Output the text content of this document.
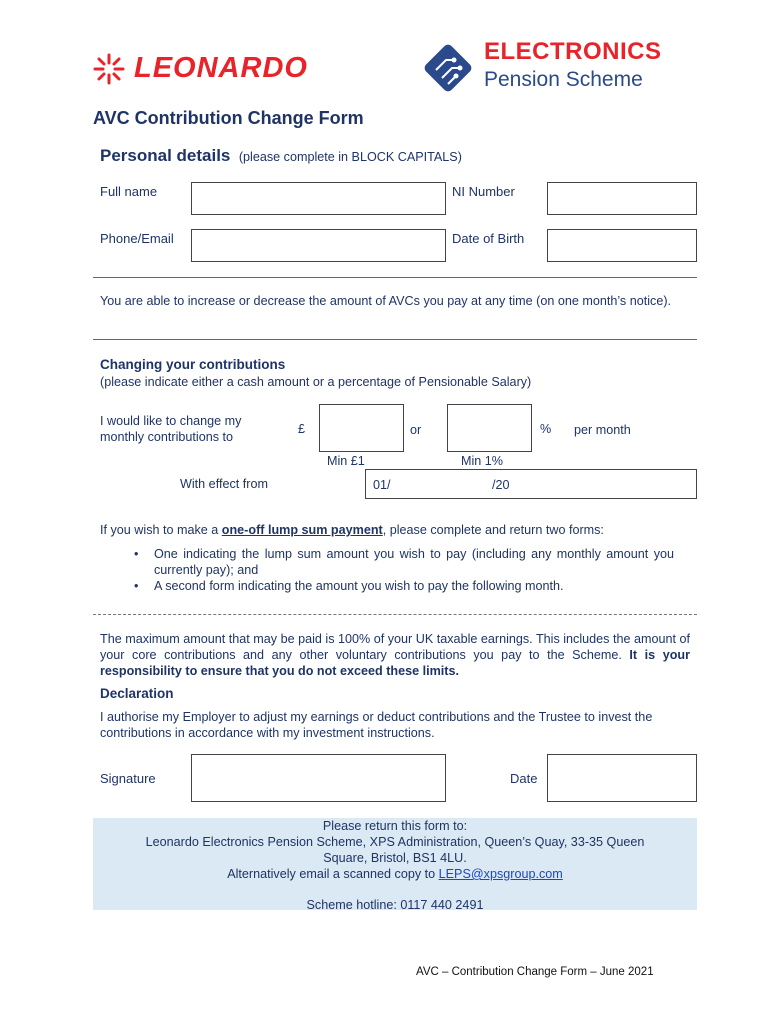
LEONARDO
ELECTRONICS
Pension Scheme
AVC Contribution Change Form
Personal details (please complete in BLOCK CAPITALS)
Full name	NI Number
Phone/Email	Date of Birth
You are able to increase or decrease the amount of AVCs you pay at any time (on one month’s notice).
Changing your contributions
(please indicate either a cash amount or a percentage of Pensionable Salary)
I would like to change my
monthly contributions to
£	or	% per month
Min £1	Min 1%
With effect from	01/	/20
If you wish to make a one-off lump sum payment, please complete and return two forms:
• One indicating the lump sum amount you wish to pay (including any monthly amount you currently pay); and
• A second form indicating the amount you wish to pay the following month.
The maximum amount that may be paid is 100% of your UK taxable earnings. This includes the amount of your core contributions and any other voluntary contributions you pay to the Scheme. It is your responsibility to ensure that you do not exceed these limits.
Declaration
I authorise my Employer to adjust my earnings or deduct contributions and the Trustee to invest the contributions in accordance with my investment instructions.
Signature	Date

Please return this form to:

Leonardo Electronics Pension Scheme, XPS Administration, Queen’s Quay, 33-35 Queen

Square, Bristol, BS1 4LU.

Alternatively email a scanned copy to LEPS@xpsgroup.com

Scheme hotline: 0117 440 2491

AVC – Contribution Change Form – June 2021
